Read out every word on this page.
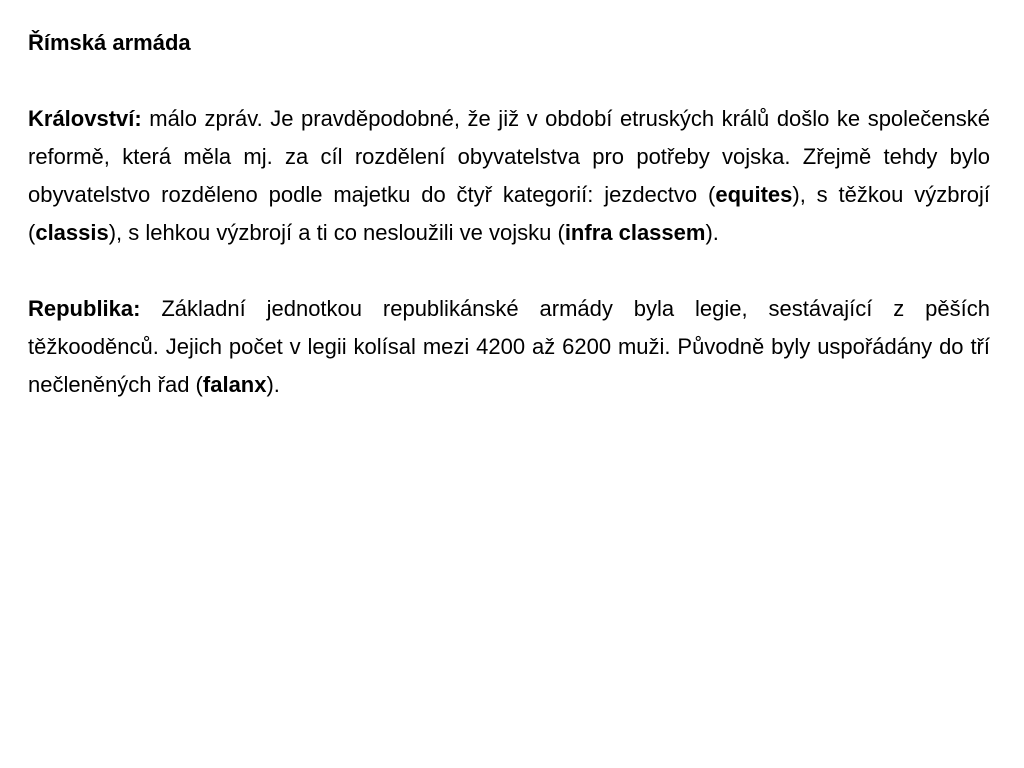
Římská armáda

Království: málo zpráv. Je pravděpodobné, že již v období etruských králů došlo ke společenské reformě, která měla mj. za cíl rozdělení obyvatelstva pro potřeby vojska. Zřejmě tehdy bylo obyvatelstvo rozděleno podle majetku do čtyř kategorií: jezdectvo (equites), s těžkou výzbrojí (classis), s lehkou výzbrojí a ti co nesloužili ve vojsku (infra classem).

Republika: Základní jednotkou republikánské armády byla legie, sestávající z pěších těžkooděnců. Jejich počet v legii kolísal mezi 4200 až 6200 muži. Původně byly uspořádány do tří nečleněných řad (falanx).
